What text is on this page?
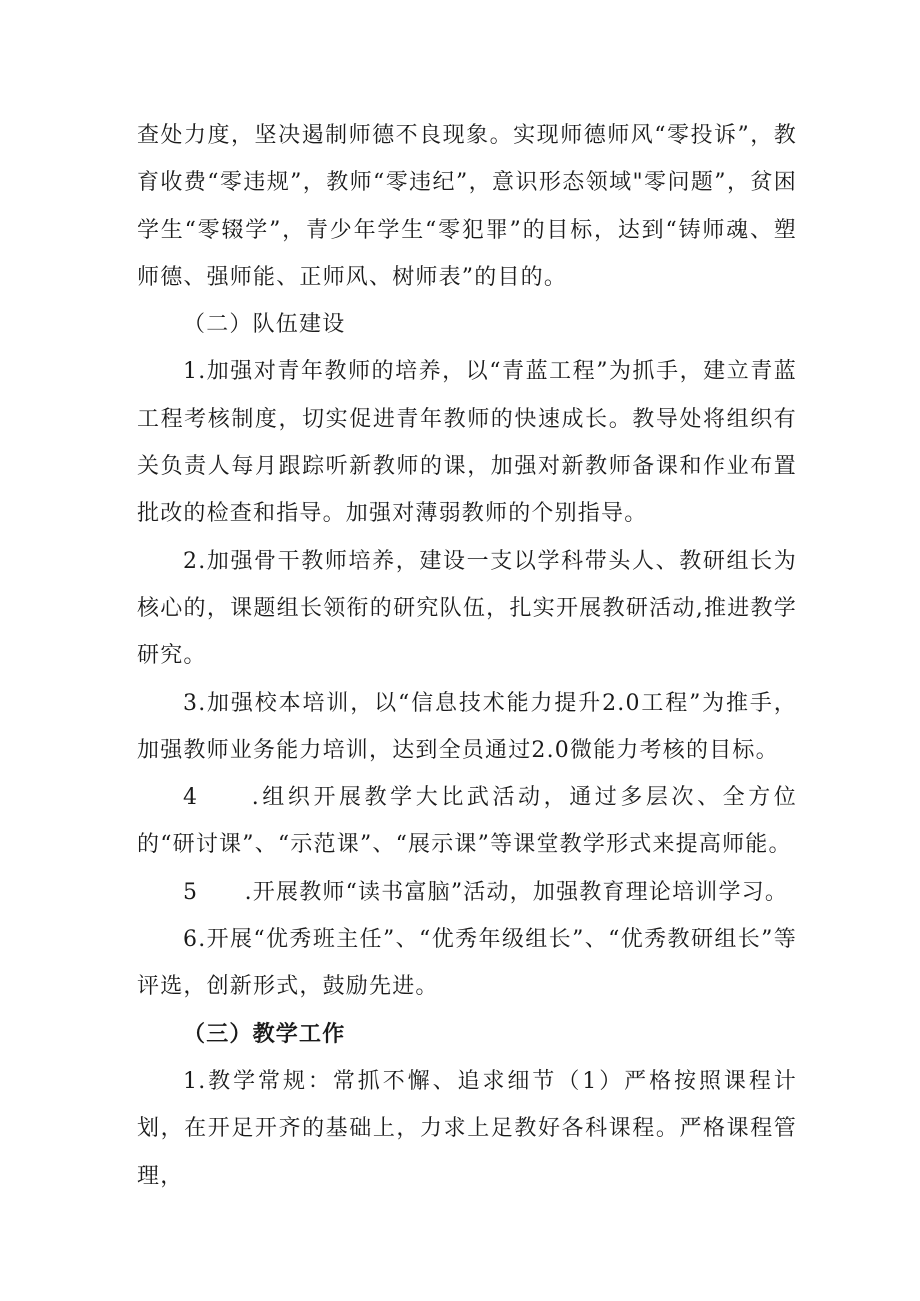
查处力度，坚决遏制师德不良现象。实现师德师风“零投诉”，教育收费“零违规”，教师“零违纪”，意识形态领域"零问题”，贫困学生“零辍学”，青少年学生“零犯罪”的目标，达到“铸师魂、塑师德、强师能、正师风、树师表”的目的。

（二）队伍建设

1.加强对青年教师的培养，以“青蓝工程”为抓手，建立青蓝工程考核制度，切实促进青年教师的快速成长。教导处将组织有关负责人每月跟踪听新教师的课，加强对新教师备课和作业布置批改的检查和指导。加强对薄弱教师的个别指导。

2.加强骨干教师培养，建设一支以学科带头人、教研组长为核心的，课题组长领衔的研究队伍，扎实开展教研活动,推进教学研究。

3.加强校本培训，以“信息技术能力提升2.0工程”为推手，加强教师业务能力培训，达到全员通过2.0微能力考核的目标。

4　　.组织开展教学大比武活动，通过多层次、全方位的“研讨课”、“示范课”、“展示课”等课堂教学形式来提高师能。

5　　.开展教师“读书富脑”活动，加强教育理论培训学习。

6.开展“优秀班主任”、“优秀年级组长”、“优秀教研组长”等评选，创新形式，鼓励先进。

（三）教学工作

1.教学常规：常抓不懈、追求细节（1）严格按照课程计划，在开足开齐的基础上，力求上足教好各科课程。严格课程管理，
